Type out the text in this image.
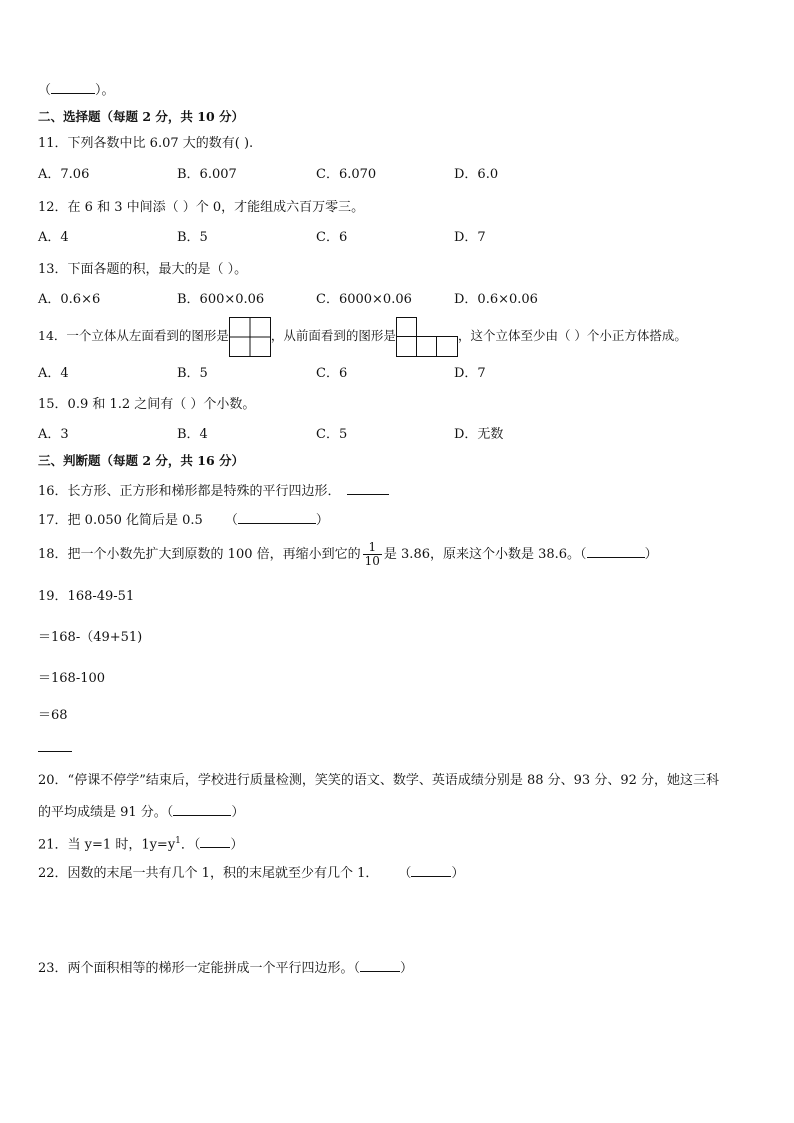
（	）。
二、选择题（每题 2 分，共 10 分）
11．下列各数中比 6.07 大的数有( ).
A．7.06	B．6.007	C．6.070	D．6.0
12．在 6 和 3 中间添（ ）个 0，才能组成六百万零三。
A．4	B．5	C．6	D．7
13．下面各题的积，最大的是（ ）。
A．0.6×6	B．600×0.06	C．6000×0.06	D．0.6×0.06
14．一个立体从左面看到的图形是	，从前面看到的图形是	，这个立体至少由（ ）个小正方体搭成。
A．4	B．5	C．6	D．7
15．0.9 和 1.2 之间有（ ）个小数。
A．3	B．4	C．5	D．无数
三、判断题（每题 2 分，共 16 分）
16．长方形、正方形和梯形都是特殊的平行四边形．
17．把 0.050 化简后是 0.5 （	）
18．把一个小数先扩大到原数的 100 倍，再缩小到它的 $\frac{1}{10}$ 是 3.86，原来这个小数是 38.6。（	）
19．168-49-51
＝168-（49+51)
＝168-100
＝68
20．“停课不停学”结束后，学校进行质量检测，笑笑的语文、数学、英语成绩分别是 88 分、93 分、92 分，她这三科
的平均成绩是 91 分。（	）
21．当 y=1 时，$1y=y^1$．（ ）
22．因数的末尾一共有几个 1，积的末尾就至少有几个 1． （	）
23．两个面积相等的梯形一定能拼成一个平行四边形。（	）
